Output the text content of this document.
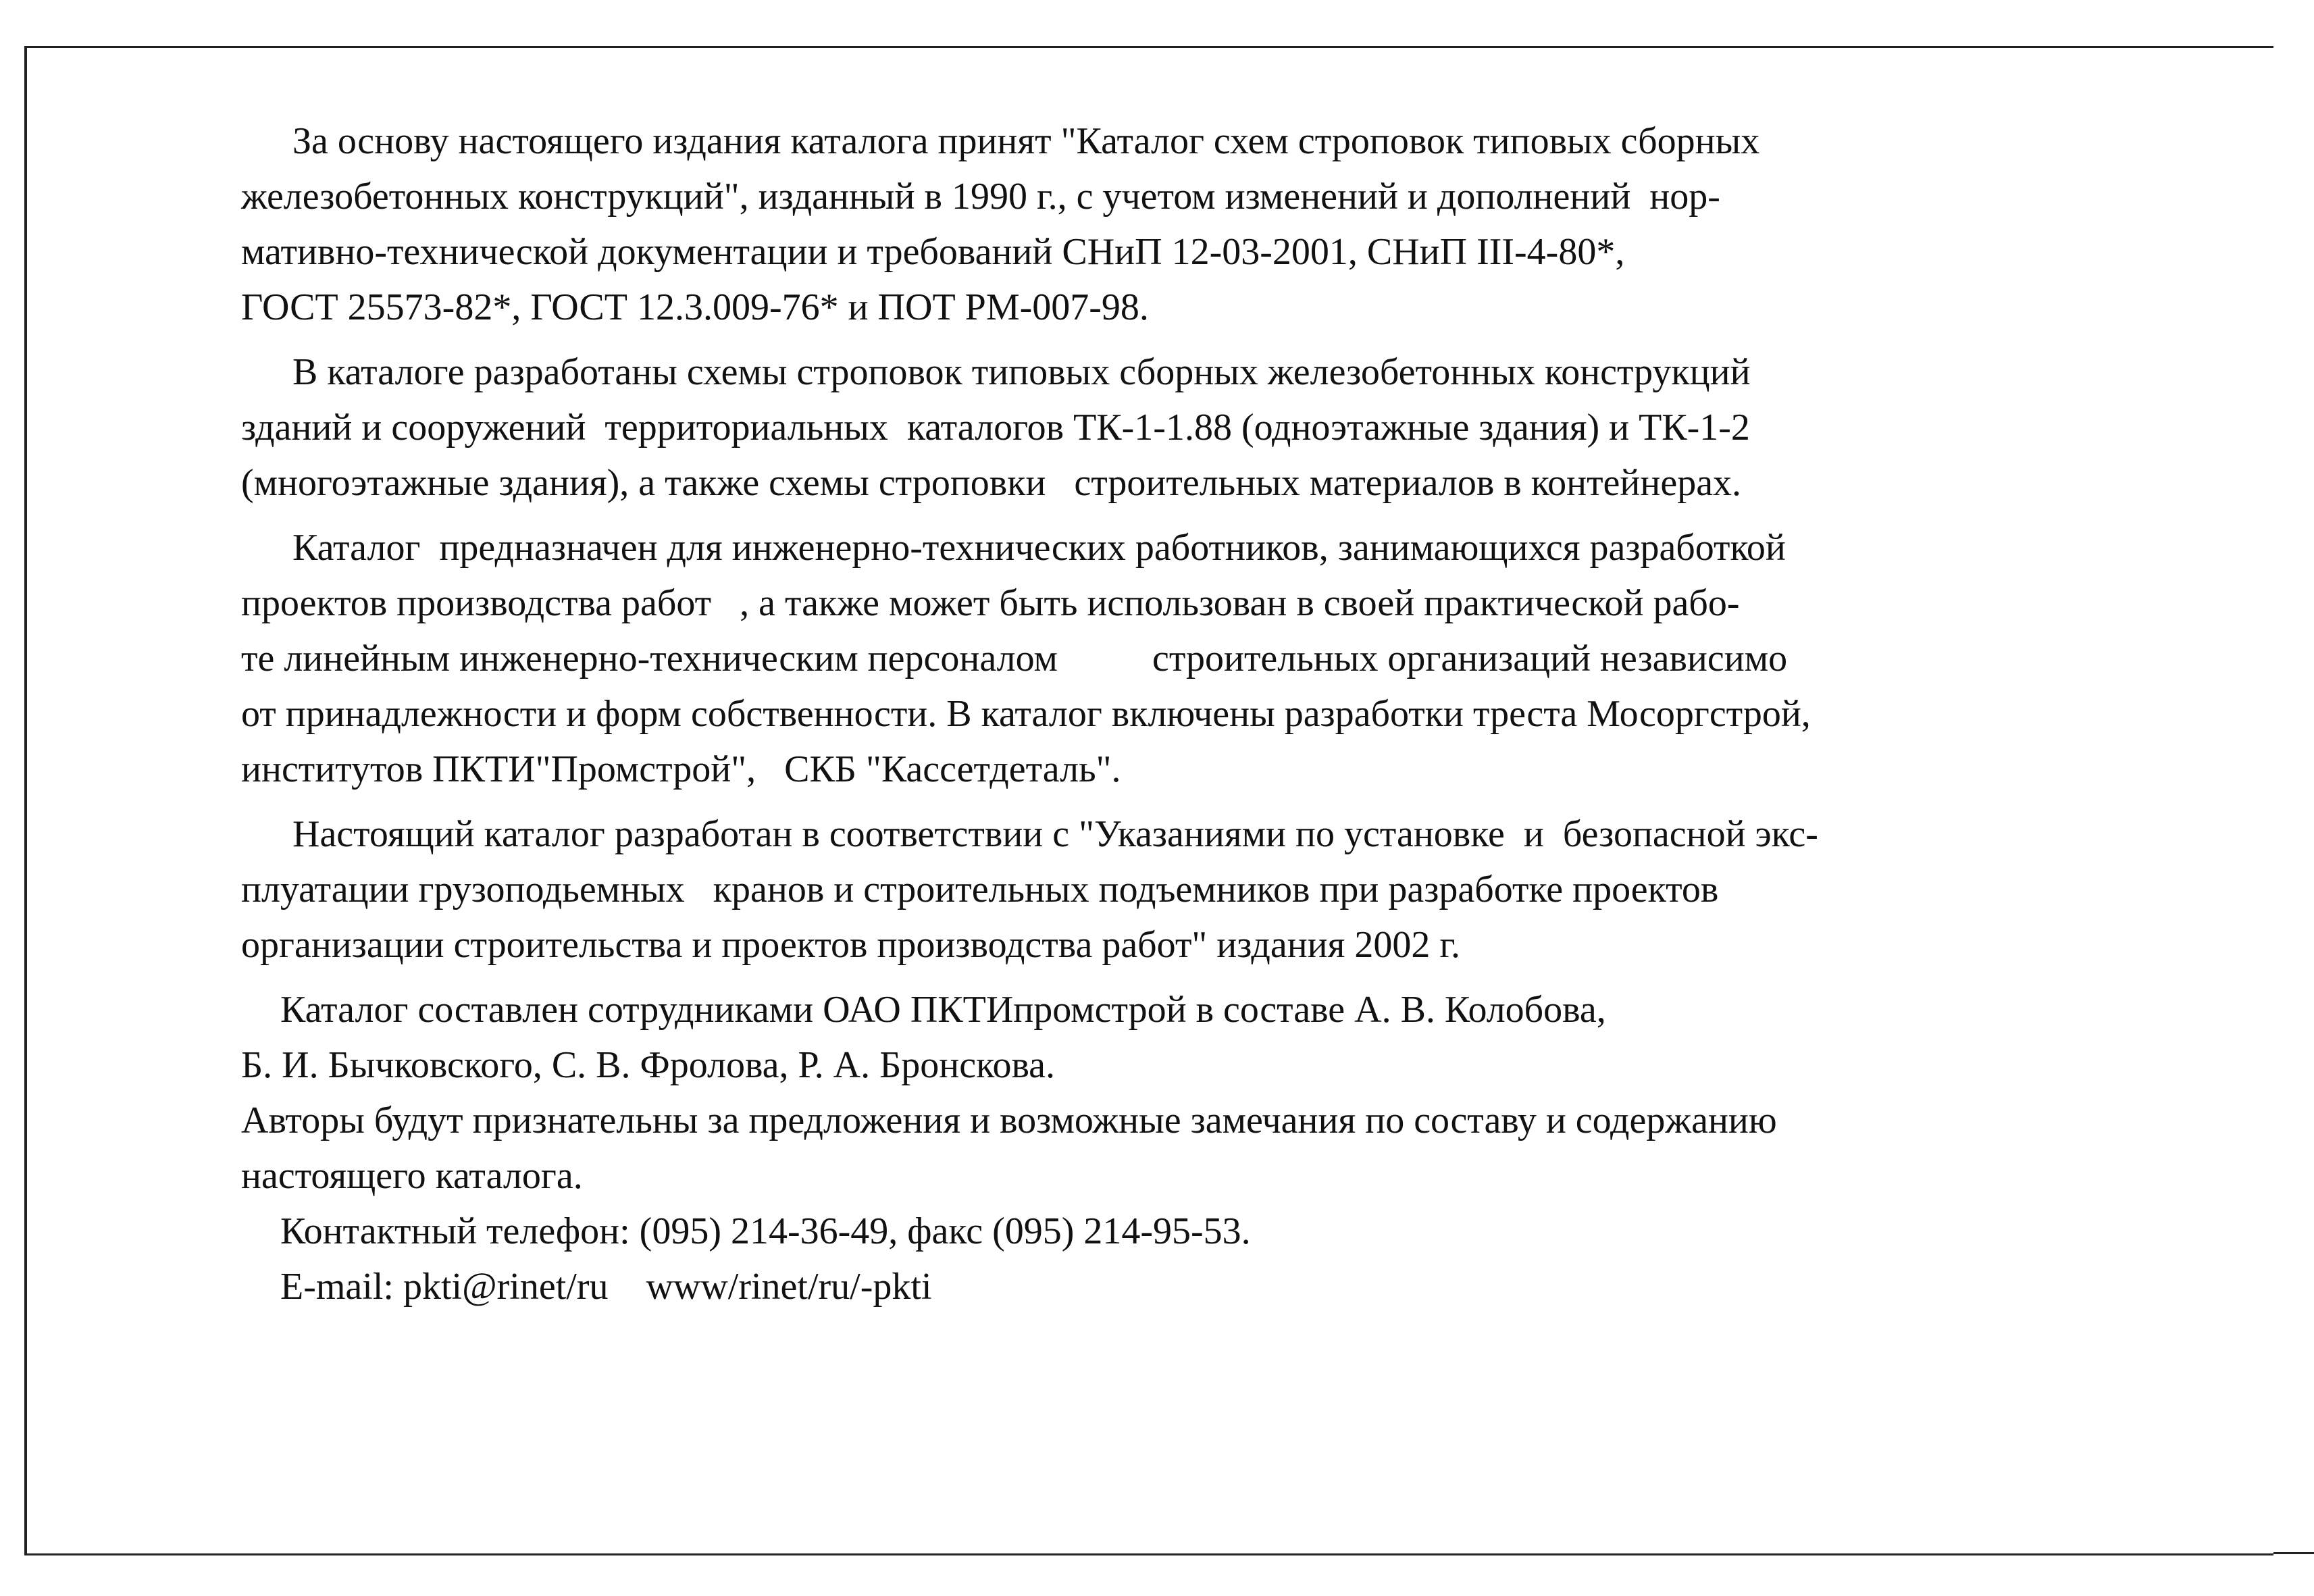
За основу настоящего издания каталога принят "Каталог схем строповок типовых сборных
железобетонных конструкций", изданный в 1990 г., с учетом изменений и дополнений  нор-
мативно-технической документации и требований СНиП 12-03-2001, СНиП III-4-80*,
ГОСТ 25573-82*, ГОСТ 12.3.009-76* и ПОТ РМ-007-98.
В каталоге разработаны схемы строповок типовых сборных железобетонных конструкций
зданий и сооружений  территориальных  каталогов ТК-1-1.88 (одноэтажные здания) и ТК-1-2
(многоэтажные здания), а также схемы строповки   строительных материалов в контейнерах.
Каталог  предназначен для инженерно-технических работников, занимающихся разработкой
проектов производства работ   , а также может быть использован в своей практической рабо-
те линейным инженерно-техническим персоналом          строительных организаций независимо
от принадлежности и форм собственности. В каталог включены разработки треста Мосоргстрой,
институтов ПКТИ"Промстрой",   СКБ "Кассетдеталь".
Настоящий каталог разработан в соответствии с "Указаниями по установке  и  безопасной экс-
плуатации грузоподьемных   кранов и строительных подъемников при разработке проектов
организации строительства и проектов производства работ" издания 2002 г.
Каталог составлен сотрудниками ОАО ПКТИпромстрой в составе А. В. Колобова,
Б. И. Бычковского, С. В. Фролова, Р. А. Бронскова.
Авторы будут признательны за предложения и возможные замечания по составу и содержанию
настоящего каталога.
Контактный телефон: (095) 214-36-49, факс (095) 214-95-53.
E-mail: pkti@rinet/ru    www/rinet/ru/-pkti
